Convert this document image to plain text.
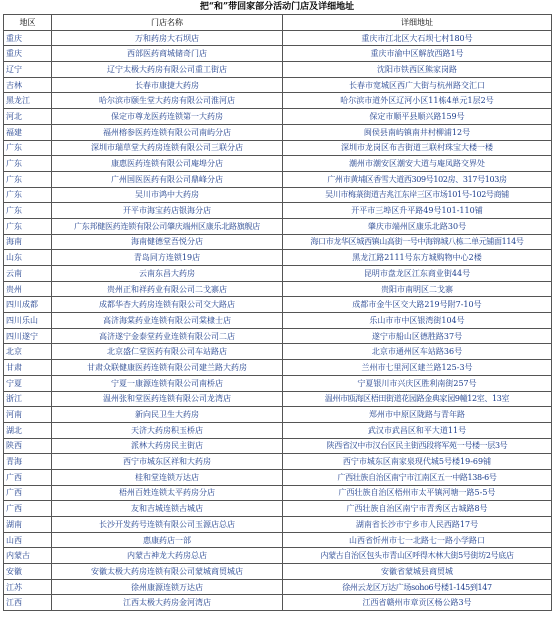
把“和”带回家部分活动门店及详细地址
地区	门店名称	详细地址
重庆	万和药房大石坝店	重庆市江北区大石坝七村180号
重庆	西部医药商城储奇门店	重庆市渝中区解放西路1号
辽宁	辽宁太极大药房有限公司重工街店	沈阳市铁西区熊家岗路
吉林	长春市康捷大药房	长春市宽城区西广大街与杭州路交汇口
黑龙江	哈尔滨市颐生堂大药房有限公司淮河店	哈尔滨市道外区辽河小区11栋4单元1层2号
河北	保定市尊龙医药连锁第一大药房	保定市顺平县顺兴路159号
福建	福州榕参医药连锁有限公司南屿分店	闽侯县南屿镇南井村柳浦12号
广东	深圳市瑞草堂大药房连锁有限公司三联分店	深圳市龙岗区布吉街道三联村珠宝大楼一楼
广东	康惠医药连锁有限公司庵埠分店	潮州市潮安区潮安大道与庵凤路交界处
广东	广州国医医药有限公司鼎峰分店	广州市黄埔区香雪大道西309号102房、317号103房
广东	吴川市鸿中大药房	吴川市梅菉街道吉兆江东岸三区市场101号-102号商铺
广东	开平市海宝药店银海分店	开平市三埠区升平路49号101-110铺
广东	广东邦健医药连锁有限公司肇庆端州区康乐北路旗舰店	肇庆市端州区康乐北路30号
海南	海南健德堂吾悦分店	海口市龙华区城西镇山高街一号中海锦城八栋二单元铺面114号
山东	青岛同方连锁19店	黑龙江路2111号东方城购物中心2楼
云南	云南东昌大药房	昆明市盘龙区江东商业街44号
贵州	贵州正和祥药业有限公司二戈寨店	贵阳市南明区二戈寨
四川成都	成都华杏大药房连锁有限公司交大路店	成都市金牛区交大路219号附7-10号
四川乐山	高济海棠药业连锁有限公司棠棣士店	乐山市市中区银湾街104号
四川遂宁	高济遂宁金泰堂药业连锁有限公司二店	遂宁市船山区德胜路37号
北京	北京盛仁堂医药有限公司车站路店	北京市通州区车站路36号
甘肃	甘肃众联健康医药连锁有限公司建兰路大药房	兰州市七里河区建兰路125-3号
宁夏	宁夏一康源连锁有限公司南桥店	宁夏银川市兴庆区胜利南街257号
浙江	温州张和堂医药连锁有限公司龙湾店	温州市瓯海区梧田街道花园路金典家园9幢12室、13室
河南	新向民卫生大药房	郑州市中原区陇路与青年路
湖北	天济大药房积玉桥店	武汉市武昌区和平大道11号
陕西	派林大药房民主街店	陕西省汉中市汉台区民主街西段将军苑一号楼一层3号
青海	西宁市城东区祥和大药房	西宁市城东区南家泉现代城5号楼19-69铺
广西	桂和堂连锁万达店	广西壮族自治区南宁市江南区五一中路138-6号
广西	梧州百姓连锁太平药房分店	广西壮族自治区梧州市太平镇河塘一路5-5号
广西	友和吉城连锁古城店	广西壮族自治区南宁市青秀区古城路8号
湖南	长沙开发药号连锁有限公司玉源店总店	湖南省长沙市宁乡市人民西路17号
山西	惠康药店一部	山西省忻州市七一北路七一路小学路口
内蒙古	内蒙古神龙大药房总店	内蒙古自治区包头市青山区呼得木林大街5号街坊2号底店
安徽	安徽太极大药房连锁有限公司蒙城商贸城店	安徽省蒙城县商贸城
江苏	徐州康源连锁万达店	徐州云龙区万达广场soho6号楼1-145到147
江西	江西太极大药房金河湾店	江西省赣州市章贡区杨公路3号
